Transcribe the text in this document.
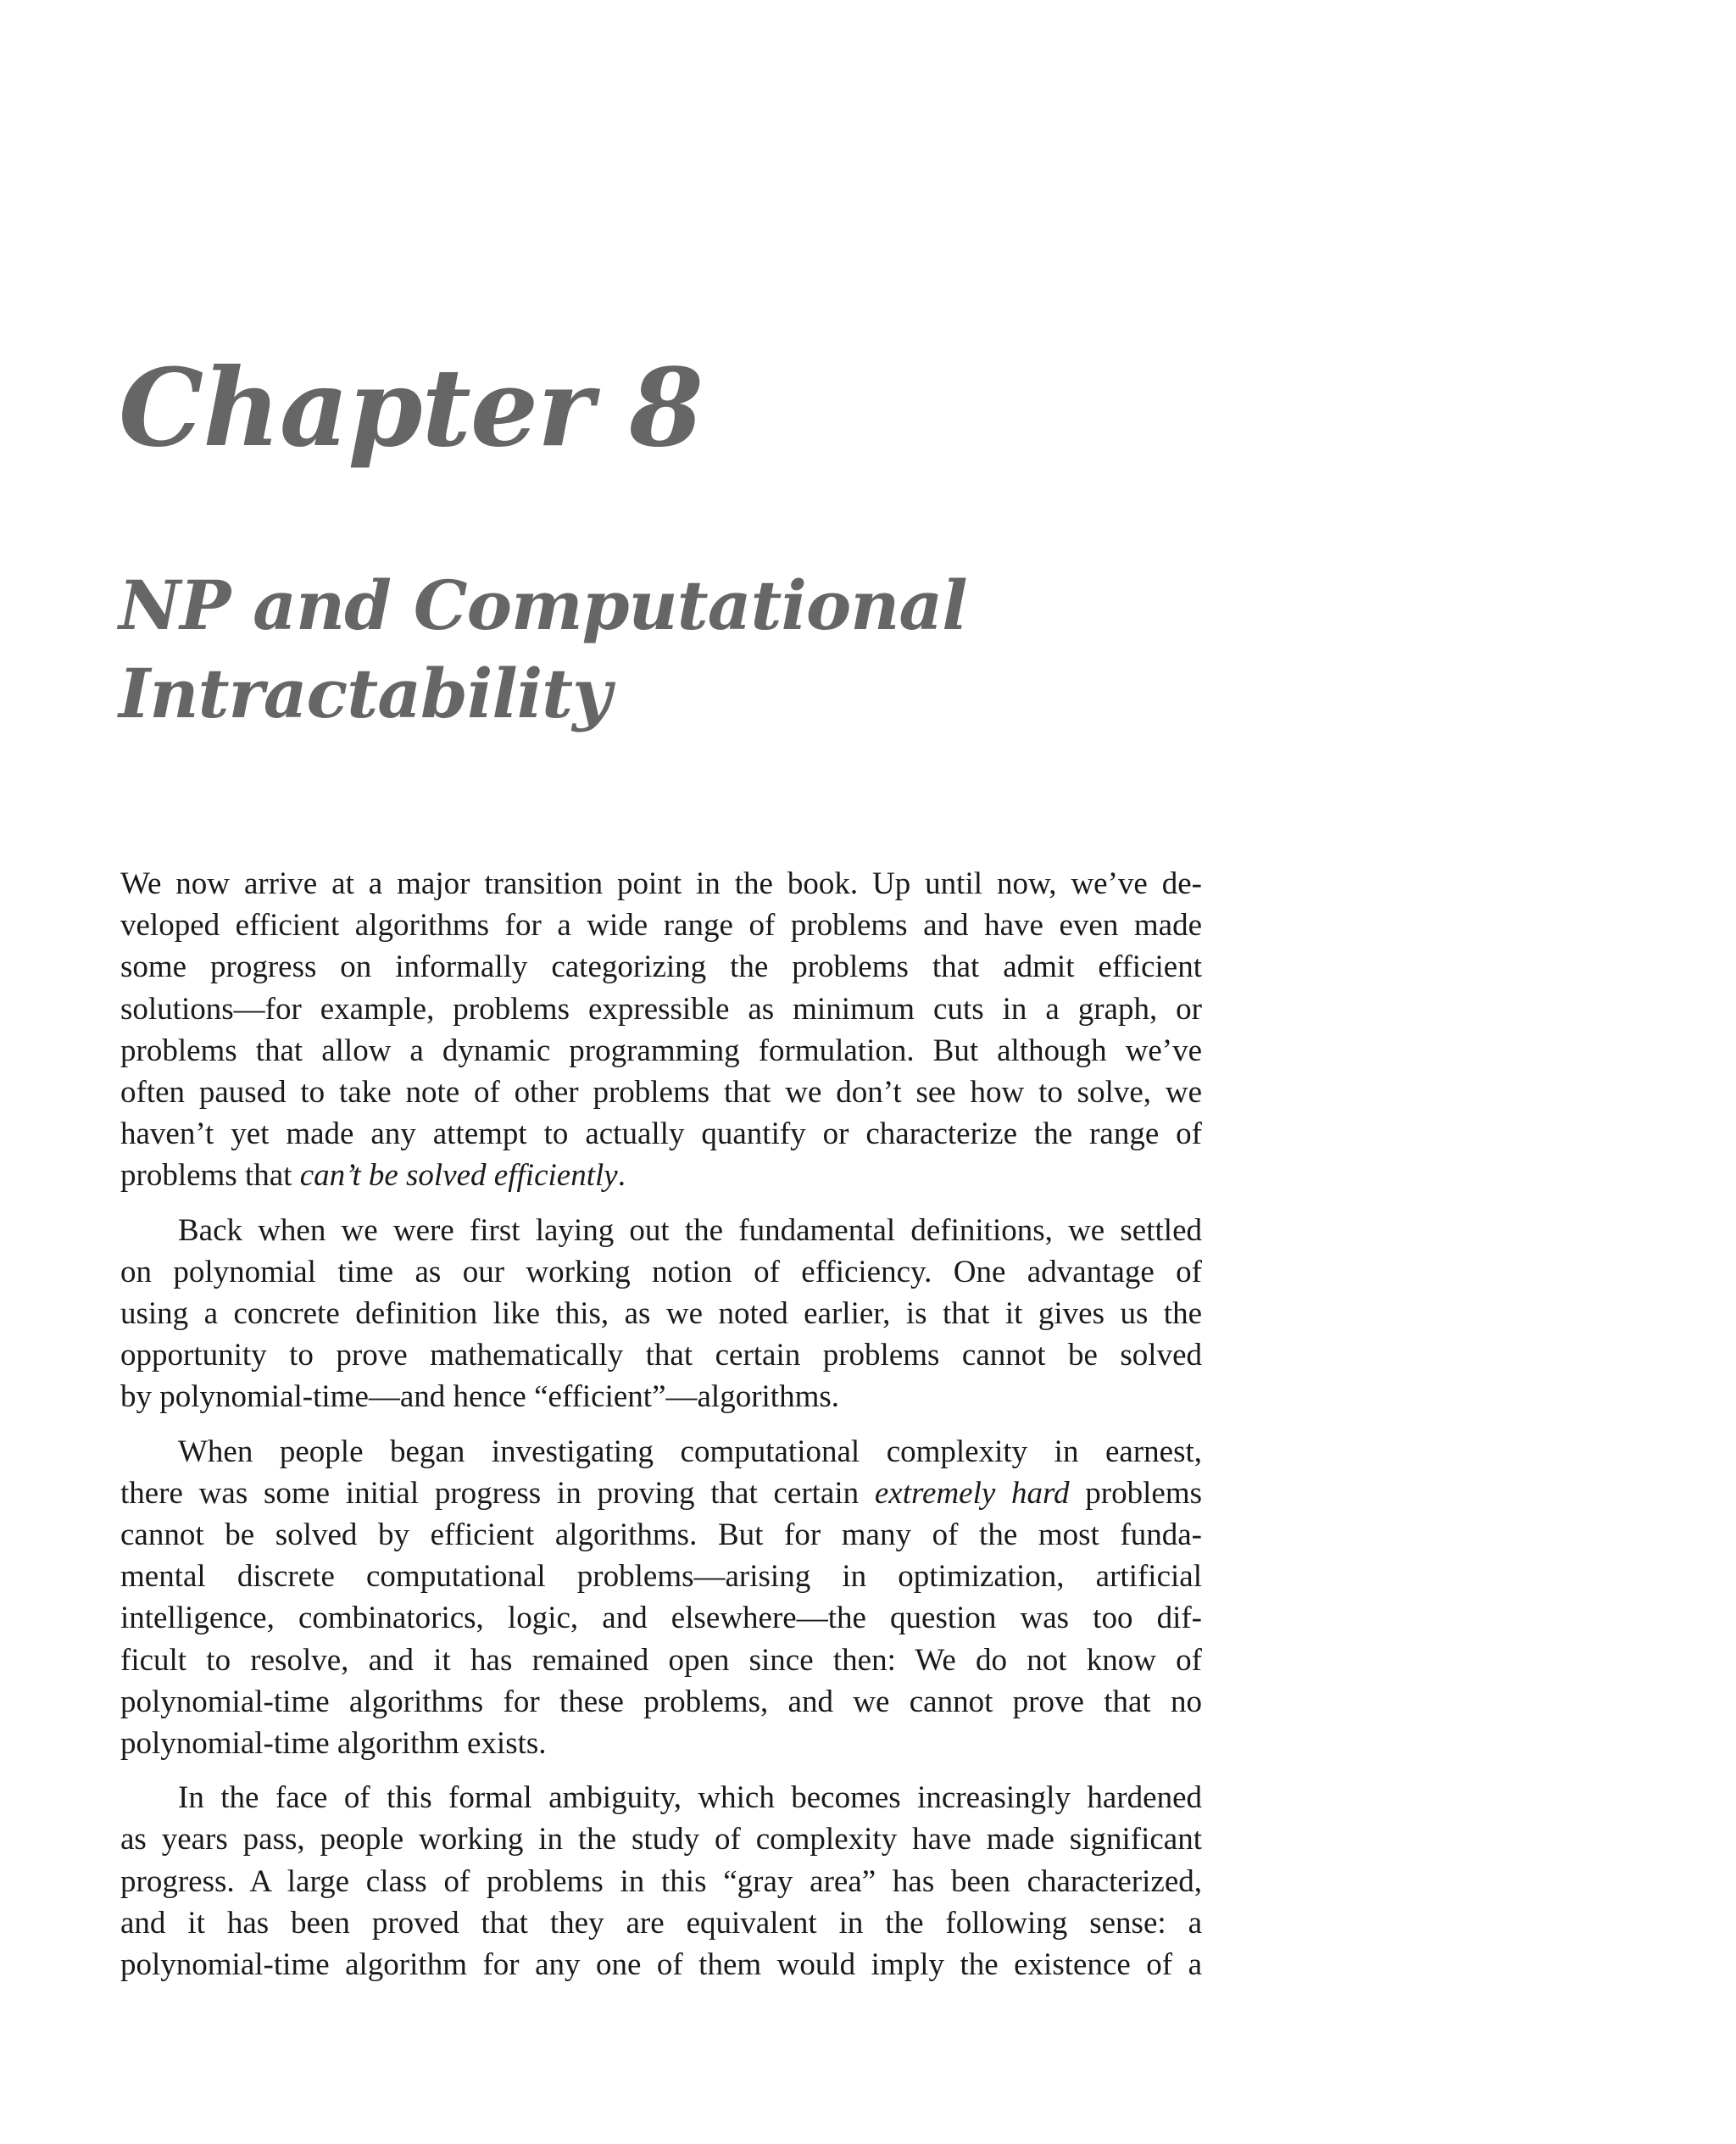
Chapter 8
NP and Computational
Intractability

We now arrive at a major transition point in the book. Up until now, we’ve de-
veloped efficient algorithms for a wide range of problems and have even made
some progress on informally categorizing the problems that admit efficient
solutions—for example, problems expressible as minimum cuts in a graph, or
problems that allow a dynamic programming formulation. But although we’ve
often paused to take note of other problems that we don’t see how to solve, we
haven’t yet made any attempt to actually quantify or characterize the range of
problems that can’t be solved efficiently.

Back when we were first laying out the fundamental definitions, we settled
on polynomial time as our working notion of efficiency. One advantage of
using a concrete definition like this, as we noted earlier, is that it gives us the
opportunity to prove mathematically that certain problems cannot be solved
by polynomial-time—and hence “efficient”—algorithms.

When people began investigating computational complexity in earnest,
there was some initial progress in proving that certain extremely hard problems
cannot be solved by efficient algorithms. But for many of the most funda-
mental discrete computational problems—arising in optimization, artificial
intelligence, combinatorics, logic, and elsewhere—the question was too dif-
ficult to resolve, and it has remained open since then: We do not know of
polynomial-time algorithms for these problems, and we cannot prove that no
polynomial-time algorithm exists.

In the face of this formal ambiguity, which becomes increasingly hardened
as years pass, people working in the study of complexity have made significant
progress. A large class of problems in this “gray area” has been characterized,
and it has been proved that they are equivalent in the following sense: a
polynomial-time algorithm for any one of them would imply the existence of a
